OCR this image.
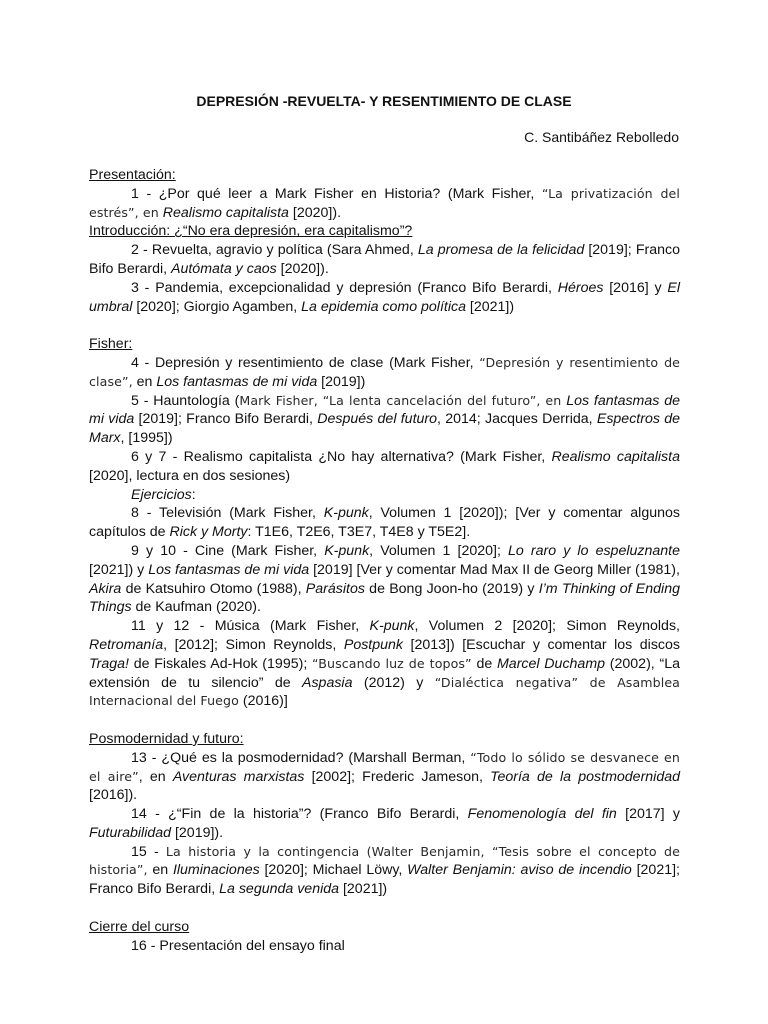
DEPRESIÓN -REVUELTA- Y RESENTIMIENTO DE CLASE
C. Santibáñez Rebolledo
Presentación:
1 - ¿Por qué leer a Mark Fisher en Historia? (Mark Fisher, “La privatización del estrés”, en Realismo capitalista [2020]).
Introducción: ¿“No era depresión, era capitalismo”?
2 - Revuelta, agravio y política (Sara Ahmed, La promesa de la felicidad [2019]; Franco Bifo Berardi, Autómata y caos [2020]).
3 - Pandemia, excepcionalidad y depresión (Franco Bifo Berardi, Héroes [2016] y El umbral [2020]; Giorgio Agamben, La epidemia como política [2021])
Fisher:
4 - Depresión y resentimiento de clase (Mark Fisher, “Depresión y resentimiento de clase”, en Los fantasmas de mi vida [2019])
5 - Hauntología (Mark Fisher, “La lenta cancelación del futuro”, en Los fantasmas de mi vida [2019]; Franco Bifo Berardi, Después del futuro, 2014; Jacques Derrida, Espectros de Marx, [1995])
6 y 7 - Realismo capitalista ¿No hay alternativa? (Mark Fisher, Realismo capitalista [2020], lectura en dos sesiones)
Ejercicios:
8 - Televisión (Mark Fisher, K-punk, Volumen 1 [2020]); [Ver y comentar algunos capítulos de Rick y Morty: T1E6, T2E6, T3E7, T4E8 y T5E2].
9 y 10 - Cine (Mark Fisher, K-punk, Volumen 1 [2020]; Lo raro y lo espeluznante [2021]) y Los fantasmas de mi vida [2019] [Ver y comentar Mad Max II de Georg Miller (1981), Akira de Katsuhiro Otomo (1988), Parásitos de Bong Joon-ho (2019) y I’m Thinking of Ending Things de Kaufman (2020).
11 y 12 - Música (Mark Fisher, K-punk, Volumen 2 [2020]; Simon Reynolds, Retromanía, [2012]; Simon Reynolds, Postpunk [2013]) [Escuchar y comentar los discos Traga! de Fiskales Ad-Hok (1995); “Buscando luz de topos” de Marcel Duchamp (2002), “La extensión de tu silencio” de Aspasia (2012) y “Dialéctica negativa” de Asamblea Internacional del Fuego (2016)]
Posmodernidad y futuro:
13 - ¿Qué es la posmodernidad? (Marshall Berman, “Todo lo sólido se desvanece en el aire”, en Aventuras marxistas [2002]; Frederic Jameson, Teoría de la postmodernidad [2016]).
14 - ¿“Fin de la historia”? (Franco Bifo Berardi, Fenomenología del fin [2017] y Futurabilidad [2019]).
15 - La historia y la contingencia (Walter Benjamin, “Tesis sobre el concepto de historia”, en Iluminaciones [2020]; Michael Löwy, Walter Benjamin: aviso de incendio [2021]; Franco Bifo Berardi, La segunda venida [2021])
Cierre del curso
16 - Presentación del ensayo final
